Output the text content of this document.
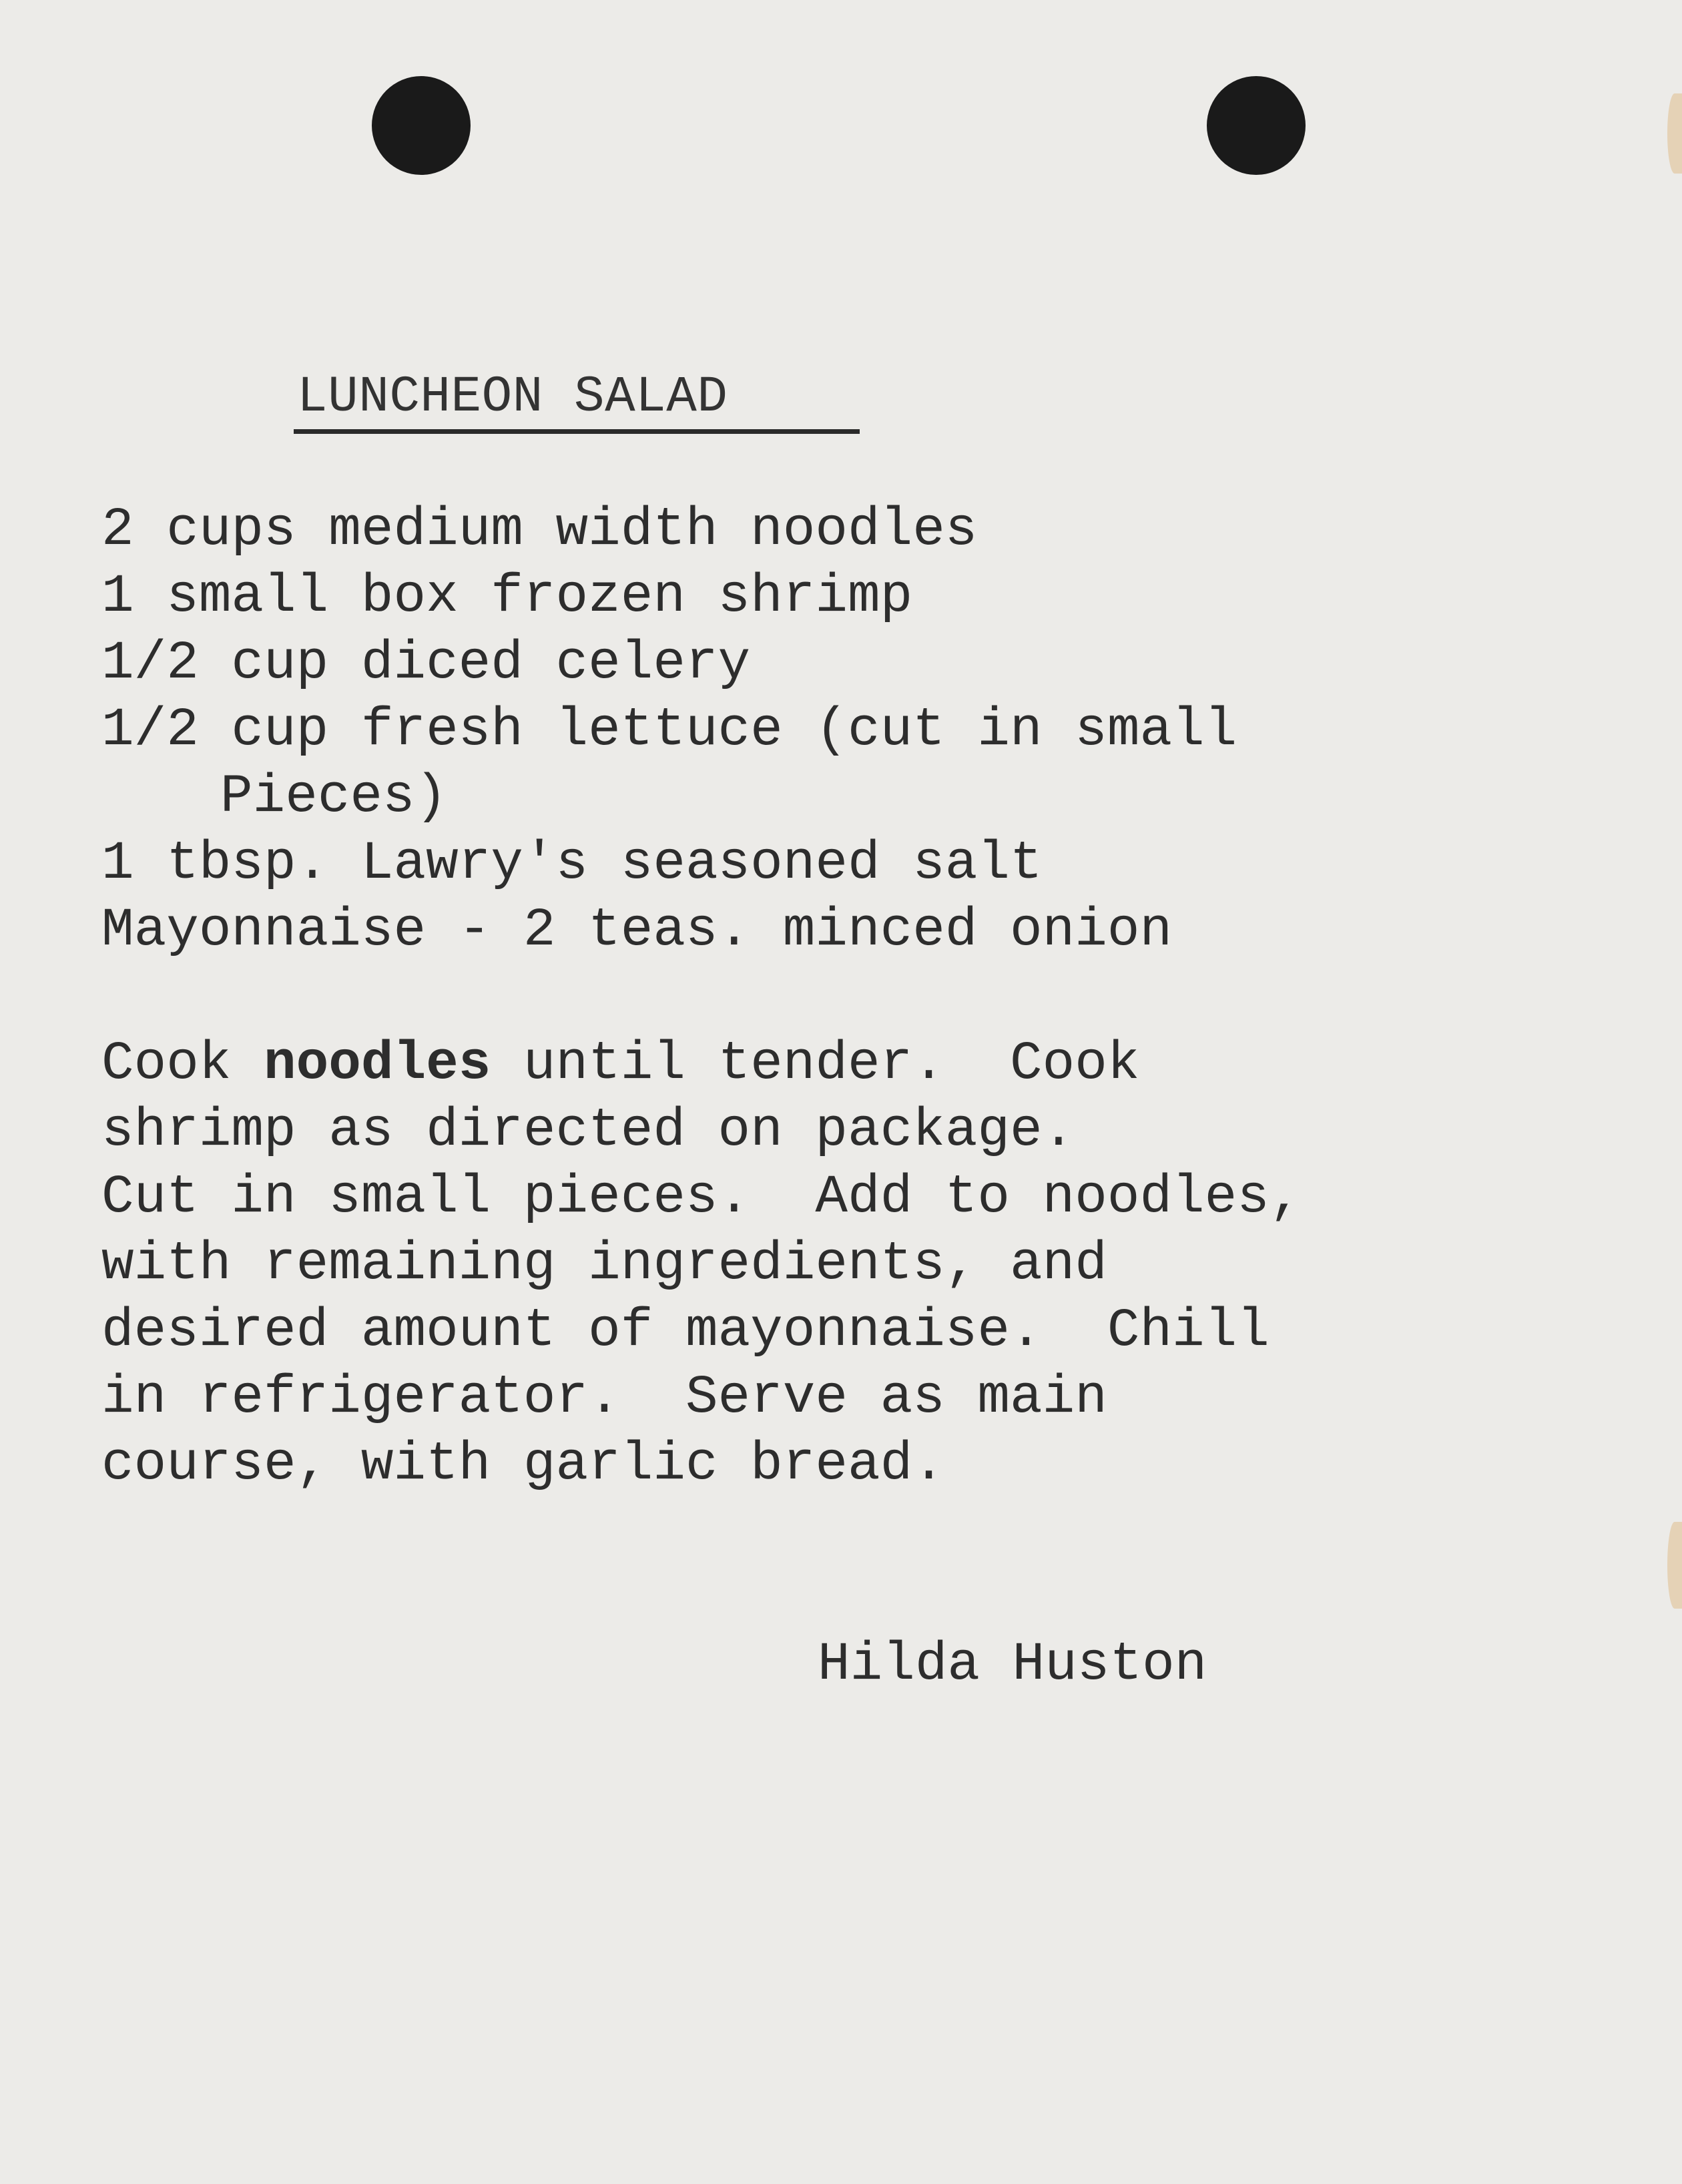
LUNCHEON SALAD
2 cups medium width noodles
1 small box frozen shrimp
1/2 cup diced celery
1/2 cup fresh lettuce (cut in small
Pieces)
1 tbsp. Lawry's seasoned salt
Mayonnaise - 2 teas. minced onion
Cook noodles until tender.  Cook
shrimp as directed on package.
Cut in small pieces.  Add to noodles,
with remaining ingredients, and
desired amount of mayonnaise.  Chill
in refrigerator.  Serve as main
course, with garlic bread.
Hilda Huston
